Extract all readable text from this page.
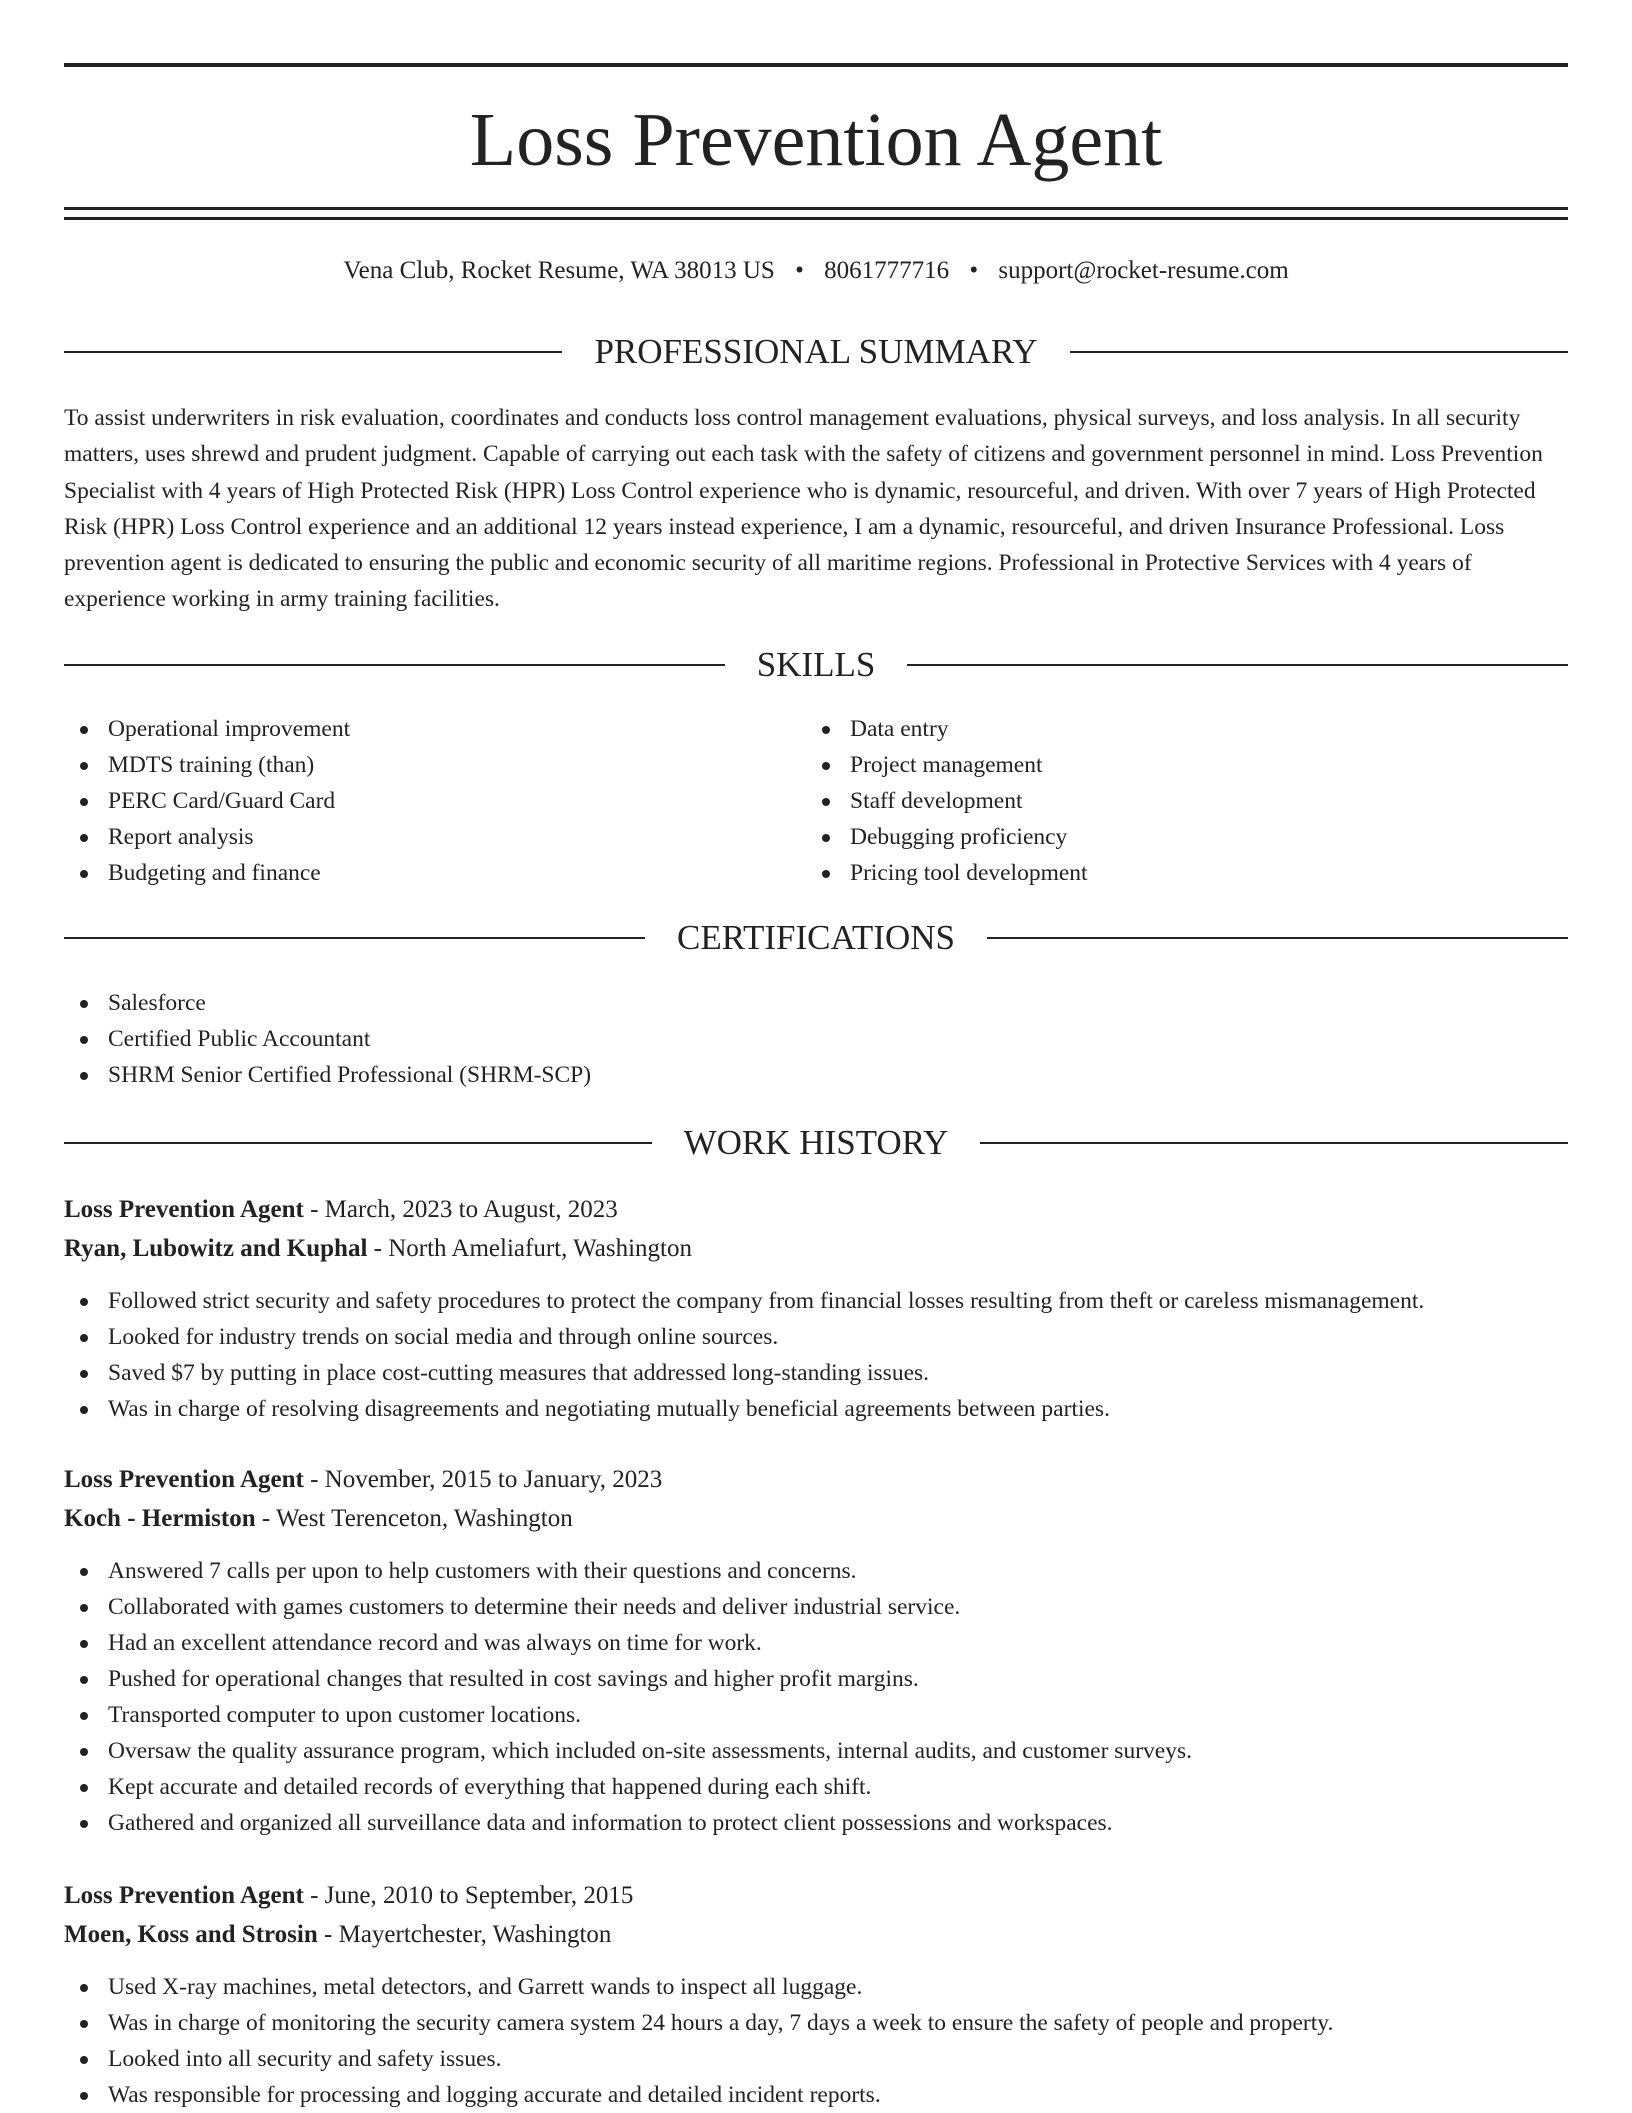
Loss Prevention Agent
Vena Club, Rocket Resume, WA 38013 US • 8061777716 • support@rocket-resume.com
PROFESSIONAL SUMMARY

To assist underwriters in risk evaluation, coordinates and conducts loss control management evaluations, physical surveys, and loss analysis. In all security matters, uses shrewd and prudent judgment. Capable of carrying out each task with the safety of citizens and government personnel in mind. Loss Prevention Specialist with 4 years of High Protected Risk (HPR) Loss Control experience who is dynamic, resourceful, and driven. With over 7 years of High Protected Risk (HPR) Loss Control experience and an additional 12 years instead experience, I am a dynamic, resourceful, and driven Insurance Professional. Loss prevention agent is dedicated to ensuring the public and economic security of all maritime regions. Professional in Protective Services with 4 years of experience working in army training facilities.

SKILLS
Operational improvement
MDTS training (than)
PERC Card/Guard Card
Report analysis
Budgeting and finance
Data entry
Project management
Staff development
Debugging proficiency
Pricing tool development
CERTIFICATIONS
Salesforce
Certified Public Accountant
SHRM Senior Certified Professional (SHRM-SCP)
WORK HISTORY
Loss Prevention Agent - March, 2023 to August, 2023
Ryan, Lubowitz and Kuphal - North Ameliafurt, Washington
Followed strict security and safety procedures to protect the company from financial losses resulting from theft or careless mismanagement.
Looked for industry trends on social media and through online sources.
Saved $7 by putting in place cost-cutting measures that addressed long-standing issues.
Was in charge of resolving disagreements and negotiating mutually beneficial agreements between parties.
Loss Prevention Agent - November, 2015 to January, 2023
Koch - Hermiston - West Terenceton, Washington
Answered 7 calls per upon to help customers with their questions and concerns.
Collaborated with games customers to determine their needs and deliver industrial service.
Had an excellent attendance record and was always on time for work.
Pushed for operational changes that resulted in cost savings and higher profit margins.
Transported computer to upon customer locations.
Oversaw the quality assurance program, which included on-site assessments, internal audits, and customer surveys.
Kept accurate and detailed records of everything that happened during each shift.
Gathered and organized all surveillance data and information to protect client possessions and workspaces.
Loss Prevention Agent - June, 2010 to September, 2015
Moen, Koss and Strosin - Mayertchester, Washington
Used X-ray machines, metal detectors, and Garrett wands to inspect all luggage.
Was in charge of monitoring the security camera system 24 hours a day, 7 days a week to ensure the safety of people and property.
Looked into all security and safety issues.
Was responsible for processing and logging accurate and detailed incident reports.
